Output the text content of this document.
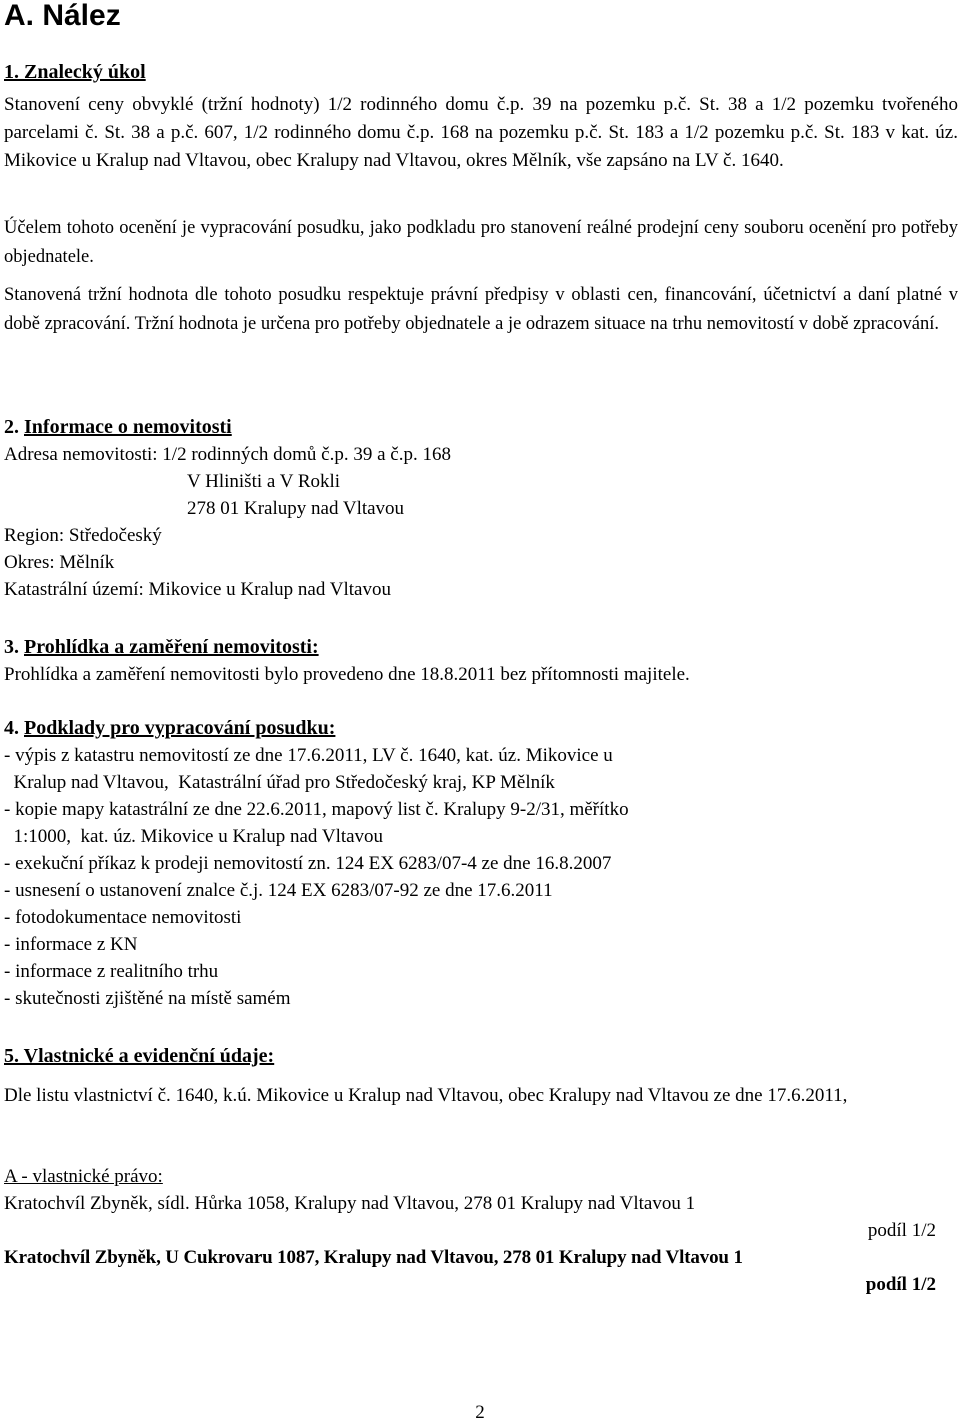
A. Nález
1. Znalecký úkol
Stanovení ceny obvyklé (tržní hodnoty) 1/2 rodinného domu č.p. 39 na pozemku p.č. St. 38 a 1/2 pozemku tvořeného parcelami č. St. 38 a p.č. 607, 1/2 rodinného domu č.p. 168 na pozemku p.č. St. 183 a 1/2 pozemku p.č. St. 183 v kat. úz. Mikovice u Kralup nad Vltavou, obec Kralupy nad Vltavou, okres Mělník, vše zapsáno na LV č. 1640.
Účelem tohoto ocenění je vypracování posudku, jako podkladu pro stanovení reálné prodejní ceny souboru ocenění pro potřeby objednatele.
Stanovená tržní hodnota dle tohoto posudku respektuje právní předpisy v oblasti cen, financování, účetnictví a daní platné v době zpracování. Tržní hodnota je určena pro potřeby objednatele a je odrazem situace na trhu nemovitostí v době zpracování.
2. Informace o nemovitosti
Adresa nemovitosti: 1/2 rodinných domů č.p. 39 a č.p. 168
V Hliništi a V Rokli
278 01 Kralupy nad Vltavou
Region: Středočeský
Okres: Mělník
Katastrální území: Mikovice u Kralup nad Vltavou
3. Prohlídka a zaměření nemovitosti:
Prohlídka a zaměření nemovitosti bylo provedeno dne 18.8.2011 bez přítomnosti majitele.
4. Podklady pro vypracování posudku:
- výpis z katastru nemovitostí ze dne 17.6.2011, LV č. 1640, kat. úz. Mikovice u
Kralup nad Vltavou,  Katastrální úřad pro Středočeský kraj, KP Mělník
- kopie mapy katastrální ze dne 22.6.2011, mapový list č. Kralupy 9-2/31, měřítko
1:1000,  kat. úz. Mikovice u Kralup nad Vltavou
- exekuční příkaz k prodeji nemovitostí zn. 124 EX 6283/07-4 ze dne 16.8.2007
- usnesení o ustanovení znalce č.j. 124 EX 6283/07-92 ze dne 17.6.2011
- fotodokumentace nemovitosti
- informace z KN
- informace z realitního trhu
- skutečnosti zjištěné na místě samém
5. Vlastnické a evidenční údaje:
Dle listu vlastnictví č. 1640, k.ú. Mikovice u Kralup nad Vltavou, obec Kralupy nad Vltavou ze dne 17.6.2011,
A - vlastnické právo:
Kratochvíl Zbyněk, sídl. Hůrka 1058, Kralupy nad Vltavou, 278 01 Kralupy nad Vltavou 1
podíl 1/2
Kratochvíl Zbyněk, U Cukrovaru 1087, Kralupy nad Vltavou, 278 01 Kralupy nad Vltavou 1
podíl 1/2
2
